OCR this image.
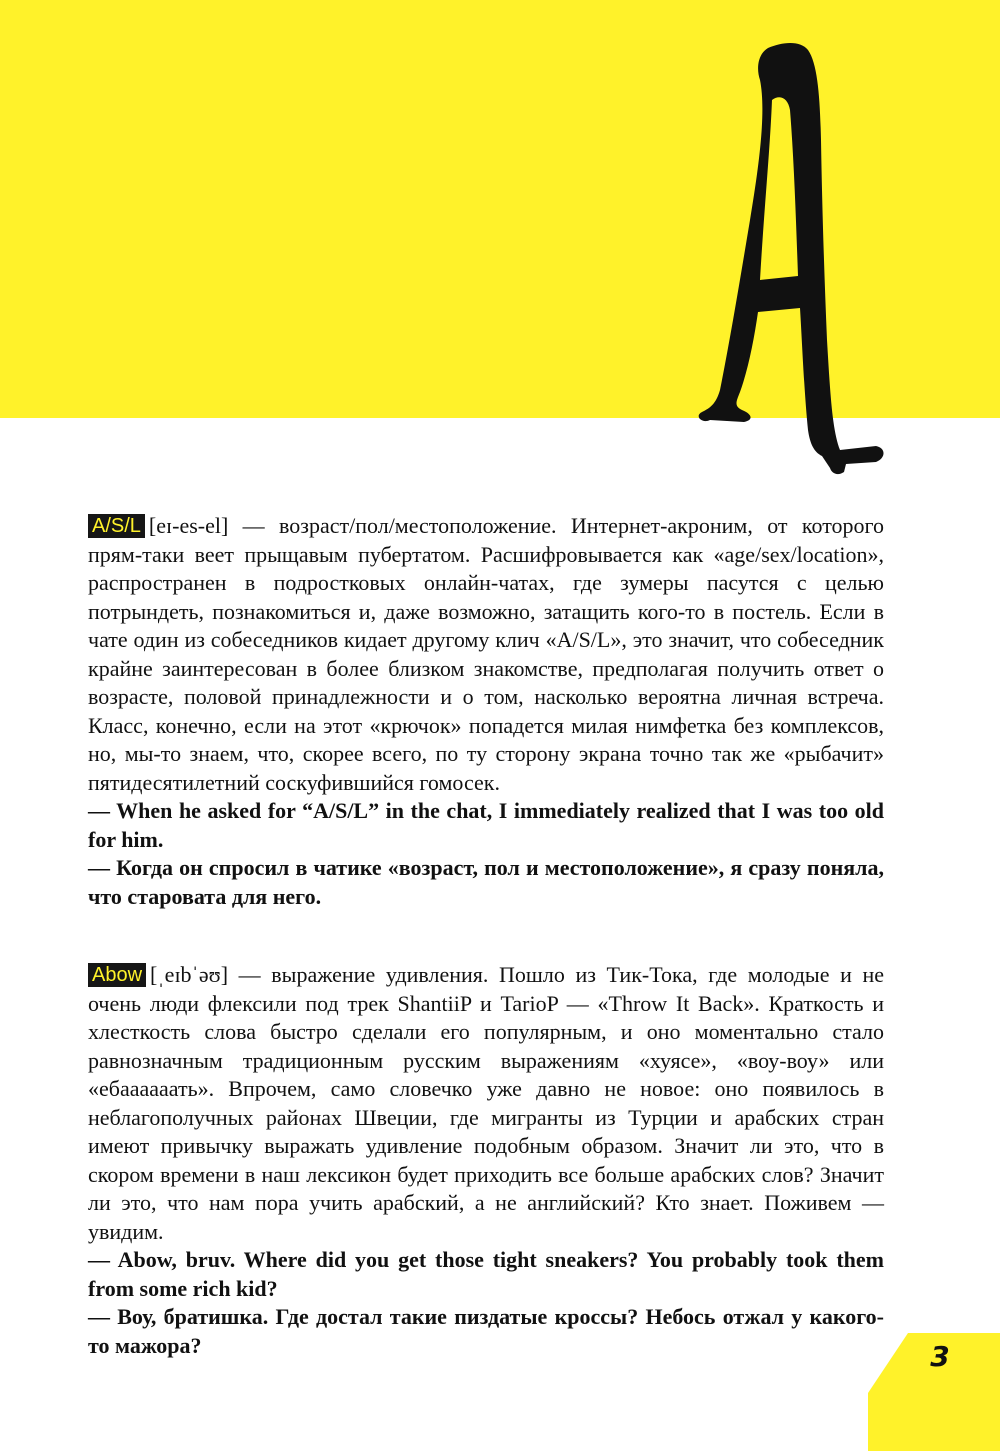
A/S/L [eɪ-es-el] — возраст/пол/местоположение. Интернет-акроним, от которого прям-таки веет прыщавым пубертатом. Расшифровывается как «age/sex/location», распространен в подростковых онлайн-чатах, где зумеры пасутся с целью потрындеть, познакомиться и, даже возможно, затащить кого-то в постель. Если в чате один из собеседников кидает другому клич «A/S/L», это значит, что собеседник крайне заинтересован в более близком знакомстве, предполагая получить ответ о возрасте, половой принадлежности и о том, насколько вероятна личная встреча. Класс, конечно, если на этот «крючок» попадется милая нимфетка без комплексов, но, мы-то знаем, что, скорее всего, по ту сторону экрана точно так же «рыбачит» пятидесятилетний соскуфившийся гомосек.

— When he asked for “A/S/L” in the chat, I immediately realized that I was too old for him.

— Когда он спросил в чатике «возраст, пол и местоположение», я сразу поняла, что старовата для него.

Abow [ˌeɪbˈəʊ] — выражение удивления. Пошло из Тик-Тока, где молодые и не очень люди флексили под трек ShantiiP и TarioP — «Throw It Back». Краткость и хлесткость слова быстро сделали его популярным, и оно моментально стало равнозначным традиционным русским выражениям «хуясе», «воу-воу» или «ебаааааать». Впрочем, само словечко уже давно не новое: оно появилось в неблагополучных районах Швеции, где мигранты из Турции и арабских стран имеют привычку выражать удивление подобным образом. Значит ли это, что в скором времени в наш лексикон будет приходить все больше арабских слов? Значит ли это, что нам пора учить арабский, а не английский? Кто знает. Поживем — увидим.

— Abow, bruv. Where did you get those tight sneakers? You probably took them from some rich kid?

— Воу, братишка. Где достал такие пиздатые кроссы? Небось отжал у какого-то мажора?	3
